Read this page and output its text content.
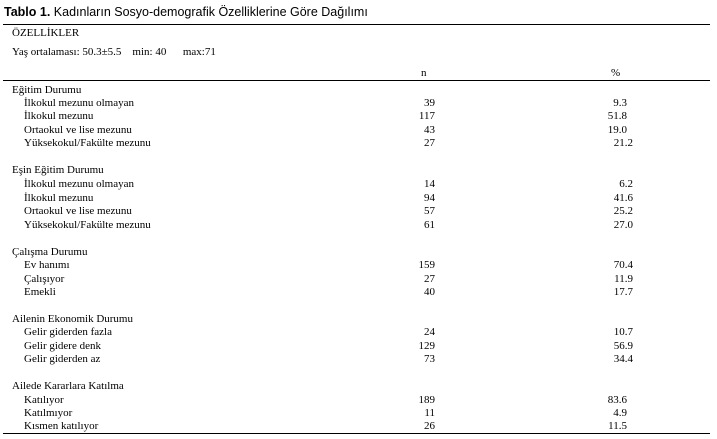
Tablo 1. Kadınların Sosyo-demografik Özelliklerine Göre Dağılımı
ÖZELLİKLER
Yaş ortalaması: 50.3±5.5    min: 40      max:71
n	%
Eğitim Durumu
İlkokul mezunu olmayan	39	9.3
İlkokul mezunu	117	51.8
Ortaokul ve lise mezunu	43	19.0
Yüksekokul/Fakülte mezunu	27	21.2
Eşin Eğitim Durumu
İlkokul mezunu olmayan	14	6.2
İlkokul mezunu	94	41.6
Ortaokul ve lise mezunu	57	25.2
Yüksekokul/Fakülte mezunu	61	27.0
Çalışma Durumu
Ev hanımı	159	70.4
Çalışıyor	27	11.9
Emekli	40	17.7
Ailenin Ekonomik Durumu
Gelir giderden fazla	24	10.7
Gelir gidere denk	129	56.9
Gelir giderden az	73	34.4
Ailede Kararlara Katılma
Katılıyor	189	83.6
Katılmıyor	11	4.9
Kısmen katılıyor	26	11.5
